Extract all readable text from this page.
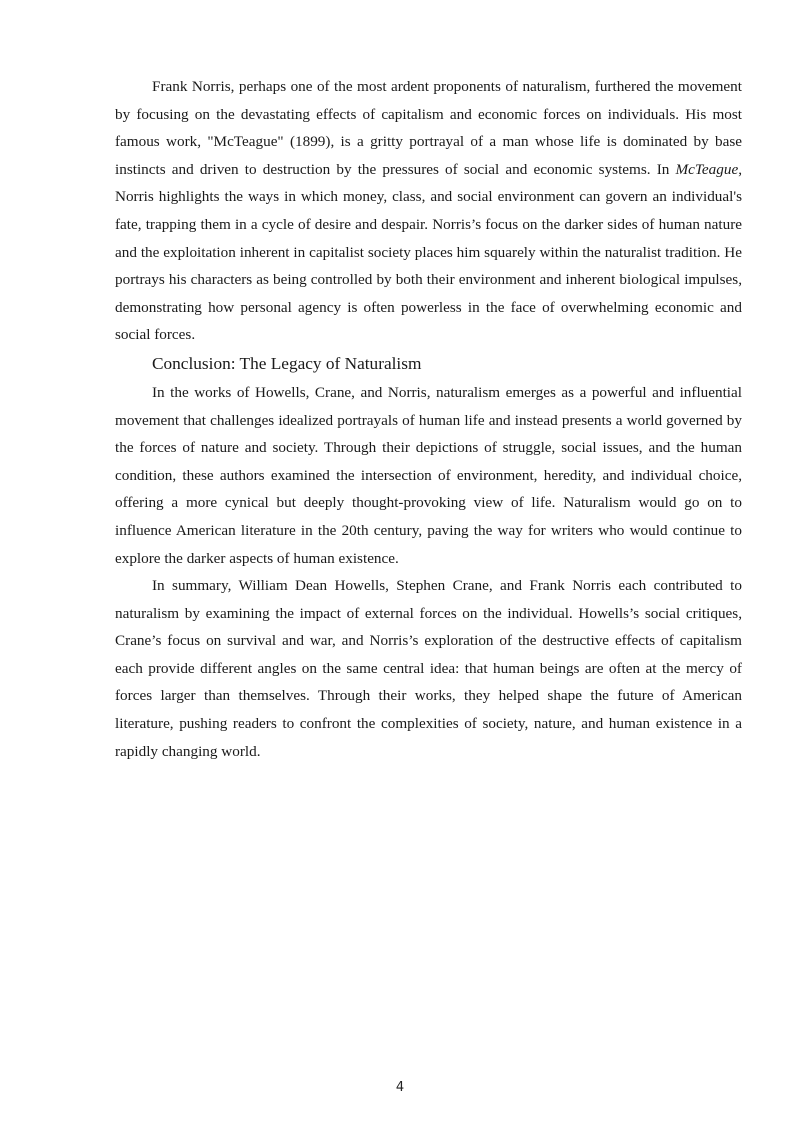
Frank Norris, perhaps one of the most ardent proponents of naturalism, furthered the movement by focusing on the devastating effects of capitalism and economic forces on individuals. His most famous work, "McTeague" (1899), is a gritty portrayal of a man whose life is dominated by base instincts and driven to destruction by the pressures of social and economic systems. In McTeague, Norris highlights the ways in which money, class, and social environment can govern an individual's fate, trapping them in a cycle of desire and despair. Norris’s focus on the darker sides of human nature and the exploitation inherent in capitalist society places him squarely within the naturalist tradition. He portrays his characters as being controlled by both their environment and inherent biological impulses, demonstrating how personal agency is often powerless in the face of overwhelming economic and social forces.

Conclusion: The Legacy of Naturalism

In the works of Howells, Crane, and Norris, naturalism emerges as a powerful and influential movement that challenges idealized portrayals of human life and instead presents a world governed by the forces of nature and society. Through their depictions of struggle, social issues, and the human condition, these authors examined the intersection of environment, heredity, and individual choice, offering a more cynical but deeply thought-provoking view of life. Naturalism would go on to influence American literature in the 20th century, paving the way for writers who would continue to explore the darker aspects of human existence.

In summary, William Dean Howells, Stephen Crane, and Frank Norris each contributed to naturalism by examining the impact of external forces on the individual. Howells’s social critiques, Crane’s focus on survival and war, and Norris’s exploration of the destructive effects of capitalism each provide different angles on the same central idea: that human beings are often at the mercy of forces larger than themselves. Through their works, they helped shape the future of American literature, pushing readers to confront the complexities of society, nature, and human existence in a rapidly changing world.

4
